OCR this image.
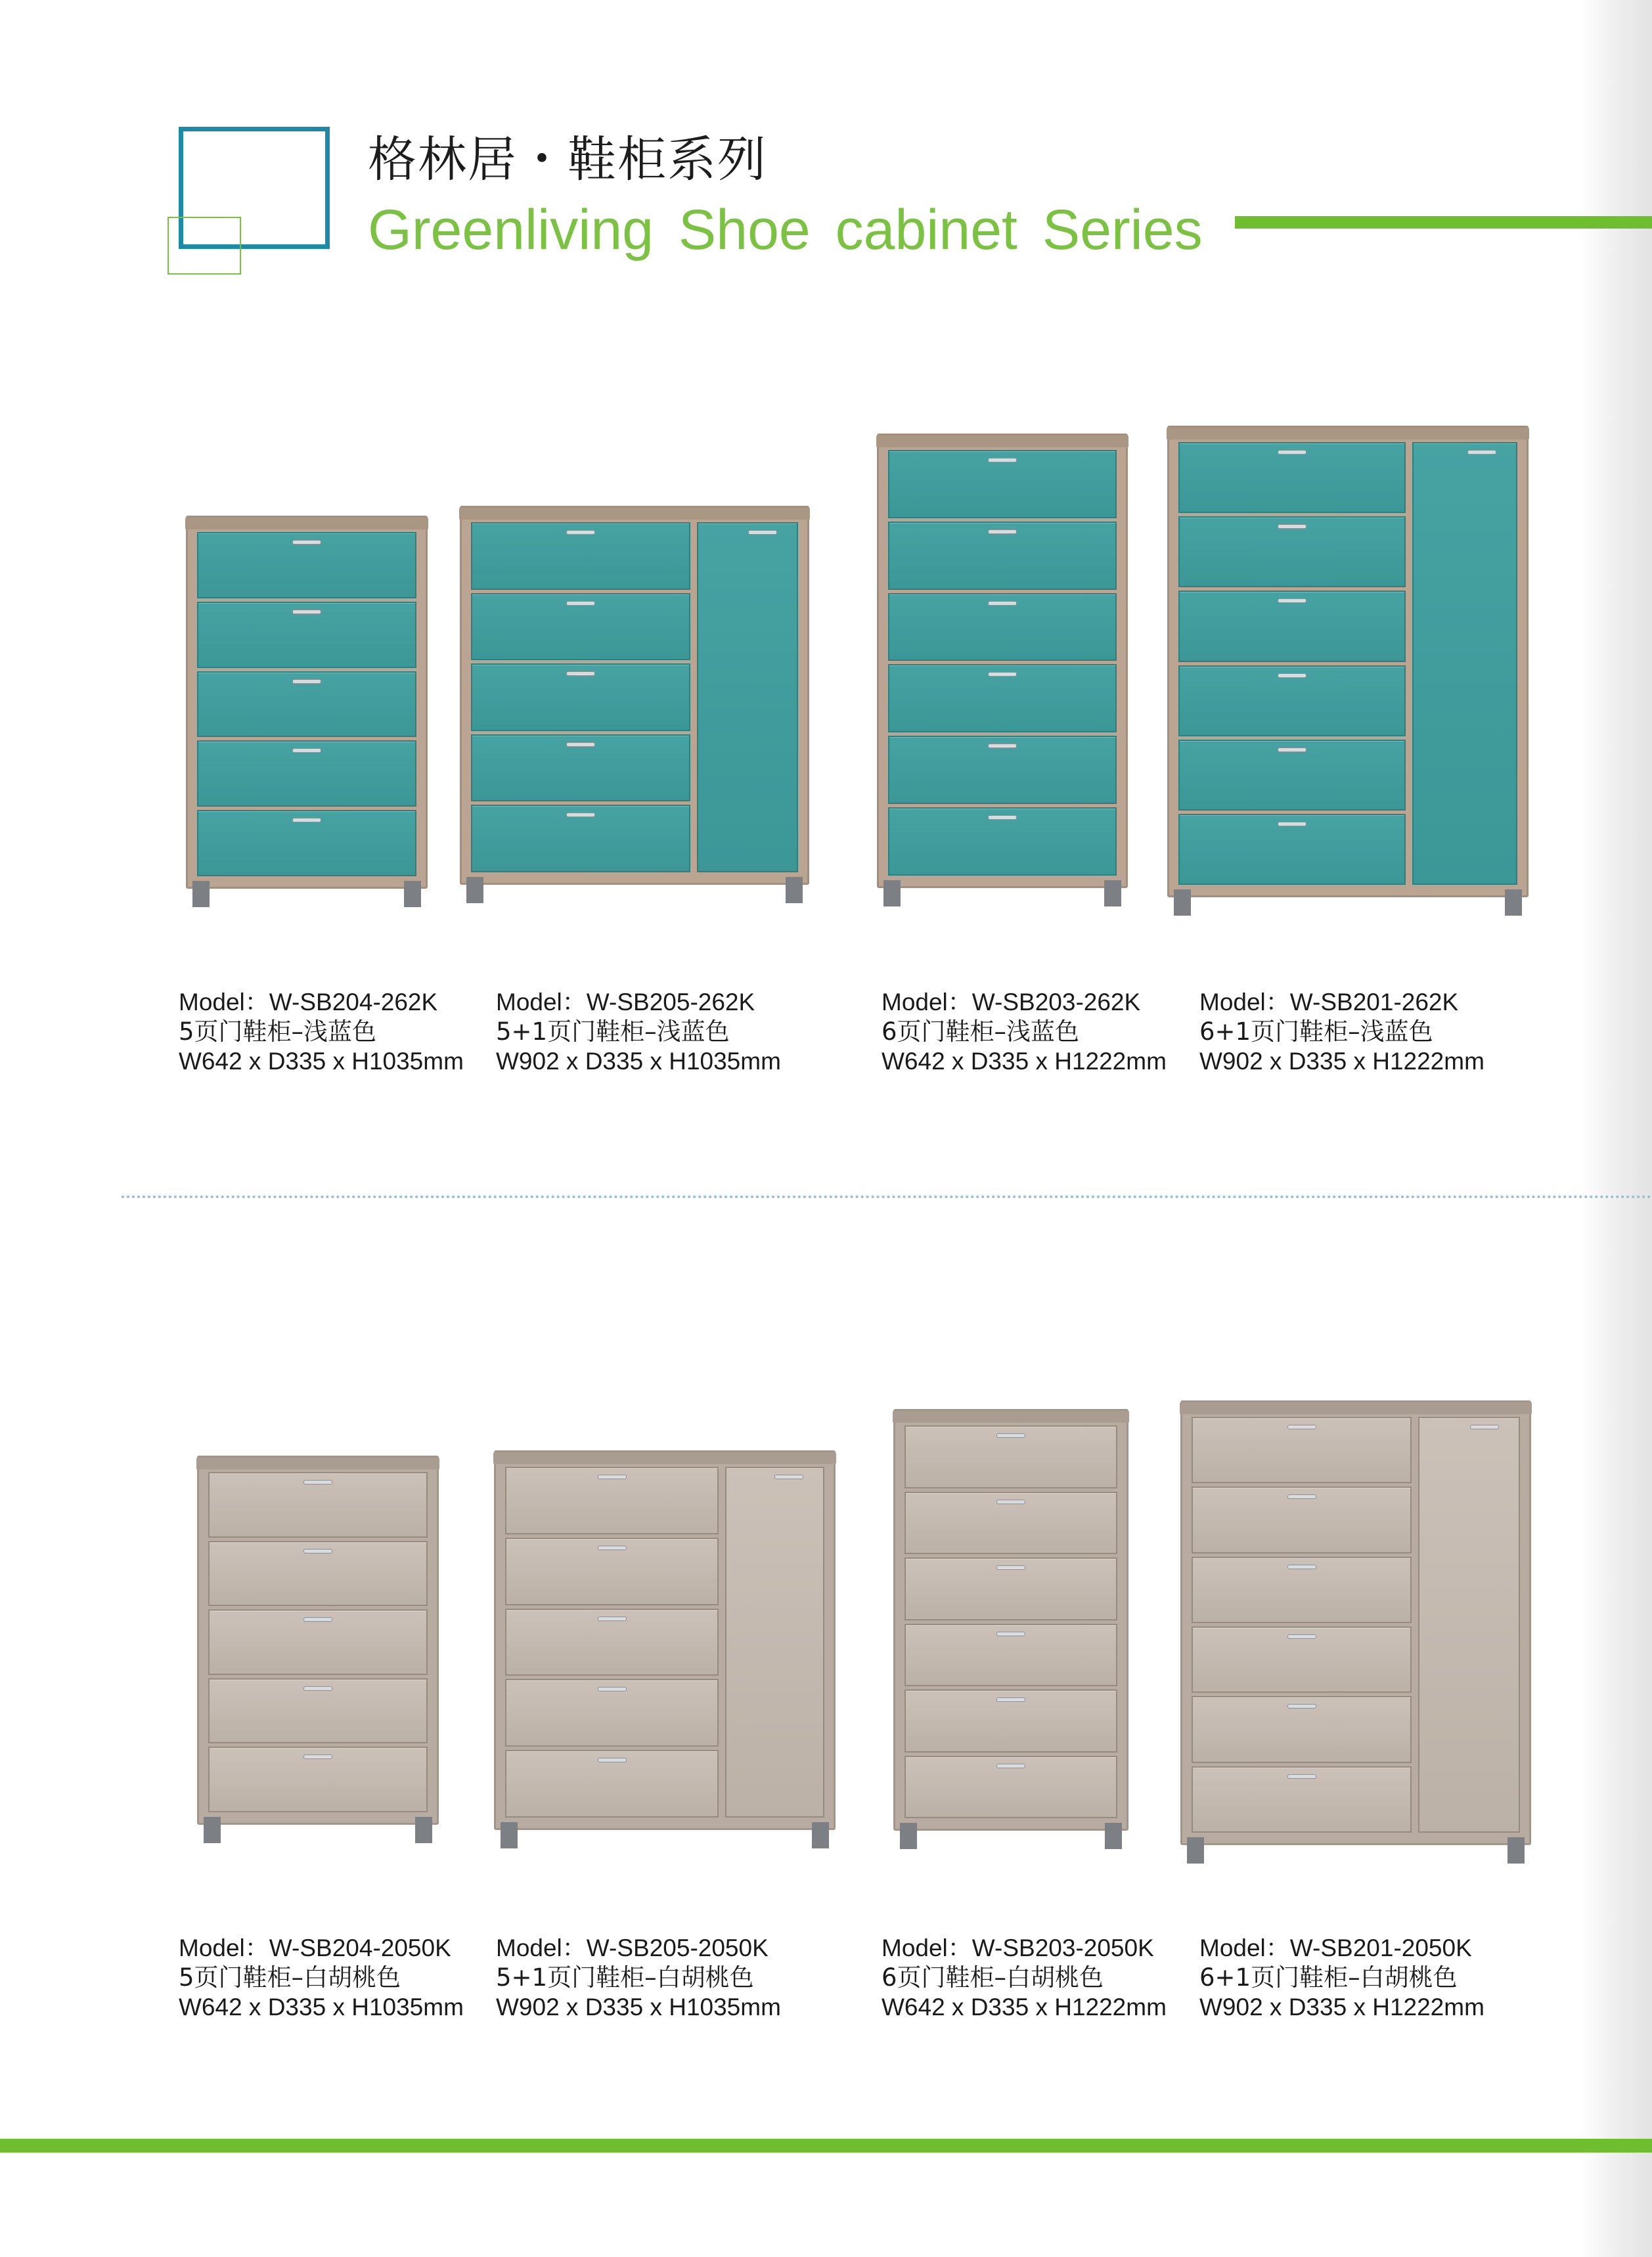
格林居・鞋柜系列
Greenliving Shoe cabinet Series
Model：W-SB204-262K
5页门鞋柜–浅蓝色
W642 x D335 x H1035mm
Model：W-SB205-262K
5+1页门鞋柜–浅蓝色
W902 x D335 x H1035mm
Model：W-SB203-262K
6页门鞋柜–浅蓝色
W642 x D335 x H1222mm
Model：W-SB201-262K
6+1页门鞋柜–浅蓝色
W902 x D335 x H1222mm
Model：W-SB204-2050K
5页门鞋柜–白胡桃色
W642 x D335 x H1035mm
Model：W-SB205-2050K
5+1页门鞋柜–白胡桃色
W902 x D335 x H1035mm
Model：W-SB203-2050K
6页门鞋柜–白胡桃色
W642 x D335 x H1222mm
Model：W-SB201-2050K
6+1页门鞋柜–白胡桃色
W902 x D335 x H1222mm
